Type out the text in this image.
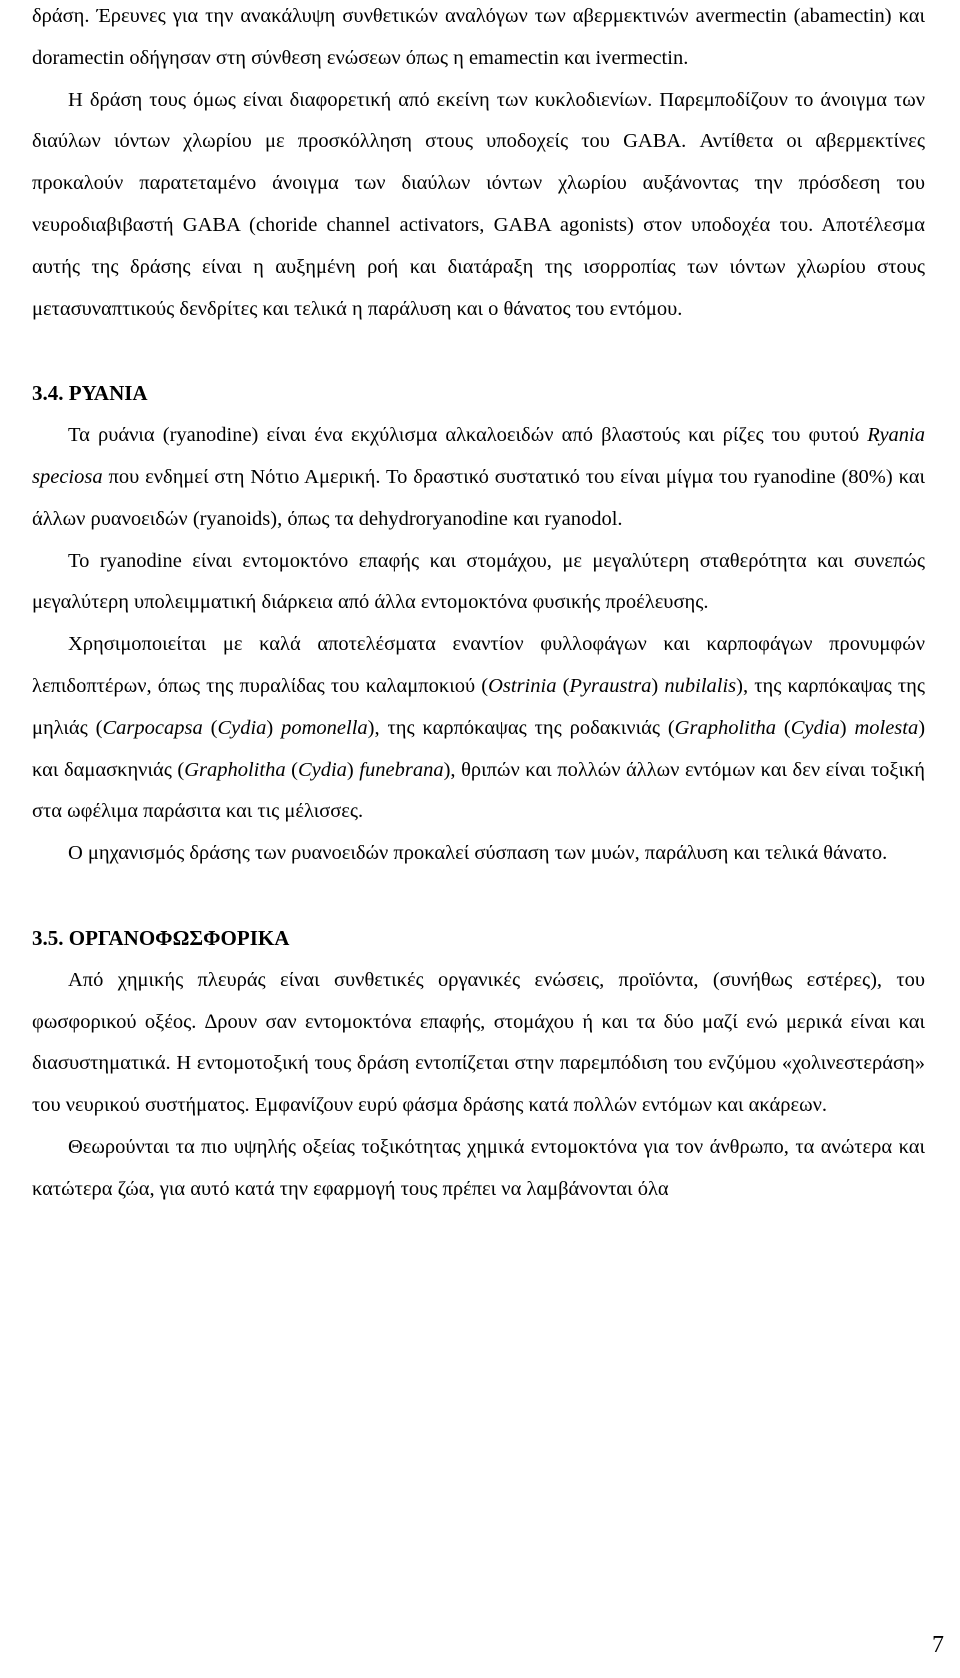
δράση. Έρευνες για την ανακάλυψη συνθετικών αναλόγων των αβερμεκτινών avermectin (abamectin) και doramectin οδήγησαν στη σύνθεση ενώσεων όπως η emamectin και ivermectin.

Η δράση τους όμως είναι διαφορετική από εκείνη των κυκλοδιενίων. Παρεμποδίζουν το άνοιγμα των διαύλων ιόντων χλωρίου με προσκόλληση στους υποδοχείς του GABA. Αντίθετα οι αβερμεκτίνες προκαλούν παρατεταμένο άνοιγμα των διαύλων ιόντων χλωρίου αυξάνοντας την πρόσδεση του νευροδιαβιβαστή GABA (choride channel activators, GABA agonists) στον υποδοχέα του. Αποτέλεσμα αυτής της δράσης είναι η αυξημένη ροή και διατάραξη της ισορροπίας των ιόντων χλωρίου στους μετασυναπτικούς δενδρίτες και τελικά η παράλυση και ο θάνατος του εντόμου.

3.4. ΡΥΑΝΙΑ

Τα ρυάνια (ryanodine) είναι ένα εκχύλισμα αλκαλοειδών από βλαστούς και ρίζες του φυτού Ryania speciosa που ενδημεί στη Νότιο Αμερική. Το δραστικό συστατικό του είναι μίγμα του ryanodine (80%) και άλλων ρυανοειδών (ryanoids), όπως τα dehydroryanodine και ryanodol.

Το ryanodine είναι εντομοκτόνο επαφής και στομάχου, με μεγαλύτερη σταθερότητα και συνεπώς μεγαλύτερη υπολειμματική διάρκεια από άλλα εντομοκτόνα φυσικής προέλευσης.

Χρησιμοποιείται με καλά αποτελέσματα εναντίον φυλλοφάγων και καρποφάγων προνυμφών λεπιδοπτέρων, όπως της πυραλίδας του καλαμποκιού (Ostrinia (Pyraustra) nubilalis), της καρπόκαψας της μηλιάς (Carpocapsa (Cydia) pomonella), της καρπόκαψας της ροδακινιάς (Grapholitha (Cydia) molesta) και δαμασκηνιάς (Grapholitha (Cydia) funebrana), θριπών και πολλών άλλων εντόμων και δεν είναι τοξική στα ωφέλιμα παράσιτα και τις μέλισσες.

Ο μηχανισμός δράσης των ρυανοειδών προκαλεί σύσπαση των μυών, παράλυση και τελικά θάνατο.

3.5. ΟΡΓΑΝΟΦΩΣΦΟΡΙΚΑ

Από χημικής πλευράς είναι συνθετικές οργανικές ενώσεις, προϊόντα, (συνήθως εστέρες), του φωσφορικού οξέος. ∆ρουν σαν εντομοκτόνα επαφής, στομάχου ή και τα δύο μαζί ενώ μερικά είναι και διασυστηματικά. Η εντομοτοξική τους δράση εντοπίζεται στην παρεμπόδιση του ενζύμου «χολινεστεράση» του νευρικού συστήματος. Εμφανίζουν ευρύ φάσμα δράσης κατά πολλών εντόμων και ακάρεων.

Θεωρούνται τα πιο υψηλής οξείας τοξικότητας χημικά εντομοκτόνα για τον άνθρωπο, τα ανώτερα και κατώτερα ζώα, για αυτό κατά την εφαρμογή τους πρέπει να λαμβάνονται όλα

7
